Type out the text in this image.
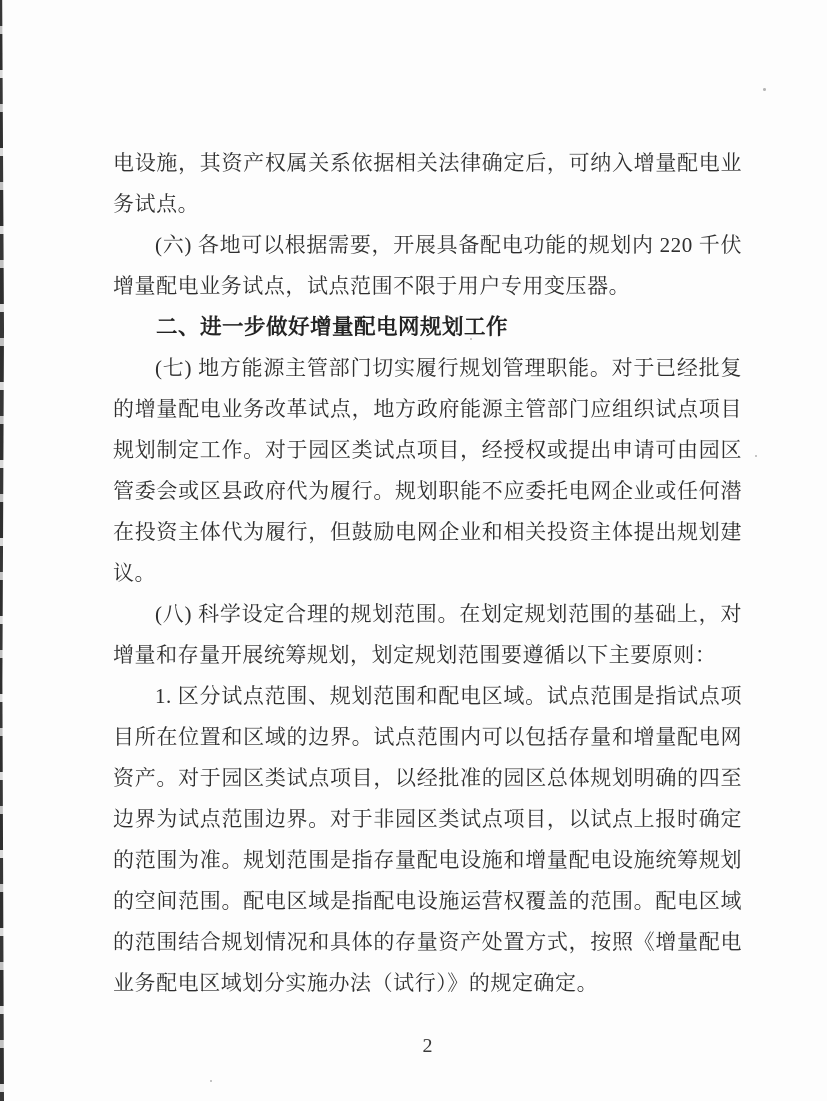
电设施，其资产权属关系依据相关法律确定后，可纳入增量配电业务试点。

(六) 各地可以根据需要，开展具备配电功能的规划内 220 千伏增量配电业务试点，试点范围不限于用户专用变压器。

二、进一步做好增量配电网规划工作

(七) 地方能源主管部门切实履行规划管理职能。对于已经批复的增量配电业务改革试点，地方政府能源主管部门应组织试点项目规划制定工作。对于园区类试点项目，经授权或提出申请可由园区管委会或区县政府代为履行。规划职能不应委托电网企业或任何潜在投资主体代为履行，但鼓励电网企业和相关投资主体提出规划建议。

(八) 科学设定合理的规划范围。在划定规划范围的基础上，对增量和存量开展统筹规划，划定规划范围要遵循以下主要原则：

1. 区分试点范围、规划范围和配电区域。试点范围是指试点项目所在位置和区域的边界。试点范围内可以包括存量和增量配电网资产。对于园区类试点项目，以经批准的园区总体规划明确的四至边界为试点范围边界。对于非园区类试点项目，以试点上报时确定的范围为准。规划范围是指存量配电设施和增量配电设施统筹规划的空间范围。配电区域是指配电设施运营权覆盖的范围。配电区域的范围结合规划情况和具体的存量资产处置方式，按照《增量配电业务配电区域划分实施办法（试行）》的规定确定。

2
